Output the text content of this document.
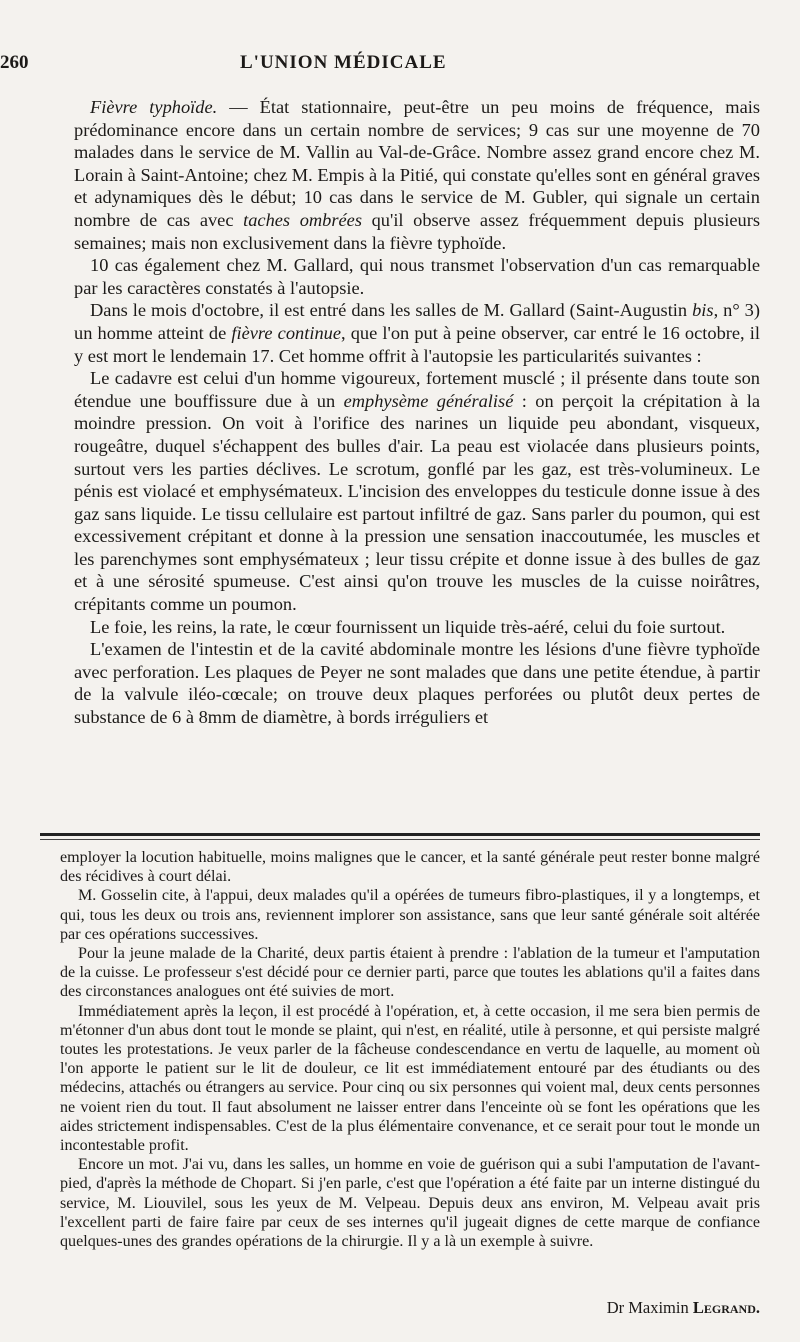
260	L'UNION MÉDICALE

Fièvre typhoïde. — État stationnaire, peut-être un peu moins de fréquence, mais prédominance encore dans un certain nombre de services; 9 cas sur une moyenne de 70 malades dans le service de M. Vallin au Val-de-Grâce. Nombre assez grand encore chez M. Lorain à Saint-Antoine; chez M. Empis à la Pitié, qui constate qu'elles sont en général graves et adynamiques dès le début; 10 cas dans le service de M. Gubler, qui signale un certain nombre de cas avec taches ombrées qu'il observe assez fréquemment depuis plusieurs semaines; mais non exclusivement dans la fièvre typhoïde.

10 cas également chez M. Gallard, qui nous transmet l'observation d'un cas remarquable par les caractères constatés à l'autopsie.

Dans le mois d'octobre, il est entré dans les salles de M. Gallard (Saint-Augustin bis, n° 3) un homme atteint de fièvre continue, que l'on put à peine observer, car entré le 16 octobre, il y est mort le lendemain 17. Cet homme offrit à l'autopsie les particularités suivantes :

Le cadavre est celui d'un homme vigoureux, fortement musclé ; il présente dans toute son étendue une bouffissure due à un emphysème généralisé : on perçoit la crépitation à la moindre pression. On voit à l'orifice des narines un liquide peu abondant, visqueux, rougeâtre, duquel s'échappent des bulles d'air. La peau est violacée dans plusieurs points, surtout vers les parties déclives. Le scrotum, gonflé par les gaz, est très-volumineux. Le pénis est violacé et emphysémateux. L'incision des enveloppes du testicule donne issue à des gaz sans liquide. Le tissu cellulaire est partout infiltré de gaz. Sans parler du poumon, qui est excessivement crépitant et donne à la pression une sensation inaccoutumée, les muscles et les parenchymes sont emphysémateux ; leur tissu crépite et donne issue à des bulles de gaz et à une sérosité spumeuse. C'est ainsi qu'on trouve les muscles de la cuisse noirâtres, crépitants comme un poumon.

Le foie, les reins, la rate, le cœur fournissent un liquide très-aéré, celui du foie surtout.

L'examen de l'intestin et de la cavité abdominale montre les lésions d'une fièvre typhoïde avec perforation. Les plaques de Peyer ne sont malades que dans une petite étendue, à partir de la valvule iléo-cœcale; on trouve deux plaques perforées ou plutôt deux pertes de substance de 6 à 8mm de diamètre, à bords irréguliers et

employer la locution habituelle, moins malignes que le cancer, et la santé générale peut rester bonne malgré des récidives à court délai.

M. Gosselin cite, à l'appui, deux malades qu'il a opérées de tumeurs fibro-plastiques, il y a longtemps, et qui, tous les deux ou trois ans, reviennent implorer son assistance, sans que leur santé générale soit altérée par ces opérations successives.

Pour la jeune malade de la Charité, deux partis étaient à prendre : l'ablation de la tumeur et l'amputation de la cuisse. Le professeur s'est décidé pour ce dernier parti, parce que toutes les ablations qu'il a faites dans des circonstances analogues ont été suivies de mort.

Immédiatement après la leçon, il est procédé à l'opération, et, à cette occasion, il me sera bien permis de m'étonner d'un abus dont tout le monde se plaint, qui n'est, en réalité, utile à personne, et qui persiste malgré toutes les protestations. Je veux parler de la fâcheuse condescendance en vertu de laquelle, au moment où l'on apporte le patient sur le lit de douleur, ce lit est immédiatement entouré par des étudiants ou des médecins, attachés ou étrangers au service. Pour cinq ou six personnes qui voient mal, deux cents personnes ne voient rien du tout. Il faut absolument ne laisser entrer dans l'enceinte où se font les opérations que les aides strictement indispensables. C'est de la plus élémentaire convenance, et ce serait pour tout le monde un incontestable profit.

Encore un mot. J'ai vu, dans les salles, un homme en voie de guérison qui a subi l'amputation de l'avant-pied, d'après la méthode de Chopart. Si j'en parle, c'est que l'opération a été faite par un interne distingué du service, M. Liouvilel, sous les yeux de M. Velpeau. Depuis deux ans environ, M. Velpeau avait pris l'excellent parti de faire faire par ceux de ses internes qu'il jugeait dignes de cette marque de confiance quelques-unes des grandes opérations de la chirurgie. Il y a là un exemple à suivre.

Dr Maximin Legrand.
